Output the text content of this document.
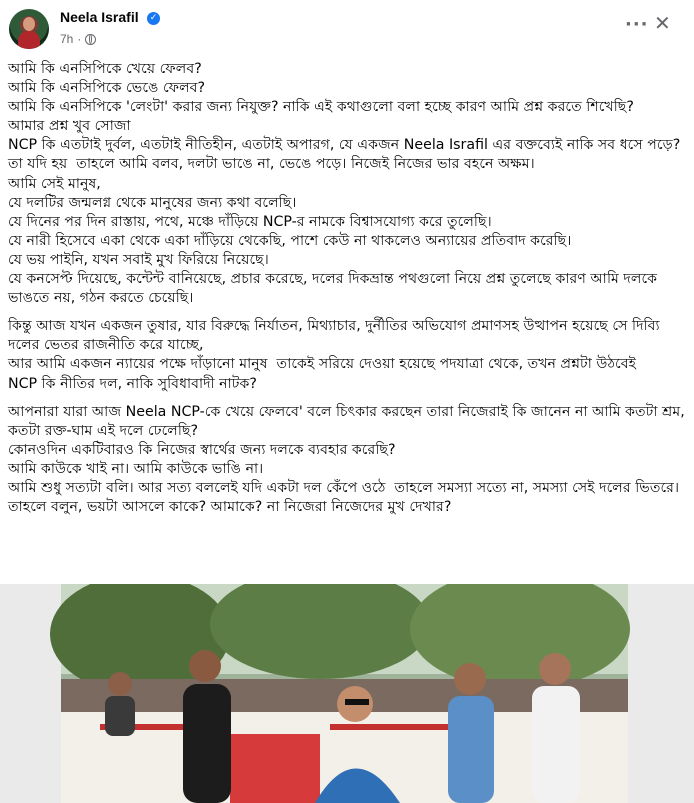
Neela Israfil	✓
7h ·
··· ✕

আমি কি এনসিপিকে খেয়ে ফেলব?

আমি কি এনসিপিকে ভেঙে ফেলব?

আমি কি এনসিপিকে 'লেংটা' করার জন্য নিযুক্ত? নাকি এই কথাগুলো বলা হচ্ছে কারণ আমি প্রশ্ন করতে শিখেছি?

আমার প্রশ্ন খুব সোজা

NCP কি এতটাই দুর্বল, এতটাই নীতিহীন, এতটাই অপারগ, যে একজন Neela Israfil এর বক্তব্যেই নাকি সব ধসে পড়ে? তা যদি হয়  তাহলে আমি বলব, দলটা ভাঙে না, ভেঙে পড়ে। নিজেই নিজের ভার বহনে অক্ষম।

আমি সেই মানুষ,

যে দলটির জন্মলগ্ন থেকে মানুষের জন্য কথা বলেছি।

যে দিনের পর দিন রাস্তায়, পথে, মঞ্চে দাঁড়িয়ে NCP-র নামকে বিশ্বাসযোগ্য করে তুলেছি।

যে নারী হিসেবে একা থেকে একা দাঁড়িয়ে থেকেছি, পাশে কেউ না থাকলেও অন্যায়ের প্রতিবাদ করেছি।

যে ভয় পাইনি, যখন সবাই মুখ ফিরিয়ে নিয়েছে।

যে কনসেপ্ট দিয়েছে, কন্টেন্ট বানিয়েছে, প্রচার করেছে, দলের দিকভ্রান্ত পথগুলো নিয়ে প্রশ্ন তুলেছে কারণ আমি দলকে ভাঙতে নয়, গঠন করতে চেয়েছি।

কিন্তু আজ যখন একজন তুষার, যার বিরুদ্ধে নির্যাতন, মিথ্যাচার, দুর্নীতির অভিযোগ প্রমাণসহ উত্থাপন হয়েছে সে দিব্যি দলের ভেতর রাজনীতি করে যাচ্ছে,

আর আমি একজন ন্যায়ের পক্ষে দাঁড়ানো মানুষ  তাকেই সরিয়ে দেওয়া হয়েছে পদযাত্রা থেকে, তখন প্রশ্নটা উঠবেই

NCP কি নীতির দল, নাকি সুবিধাবাদী নাটক?

আপনারা যারা আজ Neela NCP-কে খেয়ে ফেলবে' বলে চিৎকার করছেন তারা নিজেরাই কি জানেন না আমি কতটা শ্রম, কতটা রক্ত-ঘাম এই দলে ঢেলেছি?

কোনওদিন একটিবারও কি নিজের স্বার্থের জন্য দলকে ব্যবহার করেছি?

আমি কাউকে খাই না। আমি কাউকে ভাঙি না।

আমি শুধু সত্যটা বলি। আর সত্য বললেই যদি একটা দল কেঁপে ওঠে  তাহলে সমস্যা সত্যে না, সমস্যা সেই দলের ভিতরে।তাহলে বলুন, ভয়টা আসলে কাকে? আমাকে? না নিজেরা নিজেদের মুখ দেখার?
